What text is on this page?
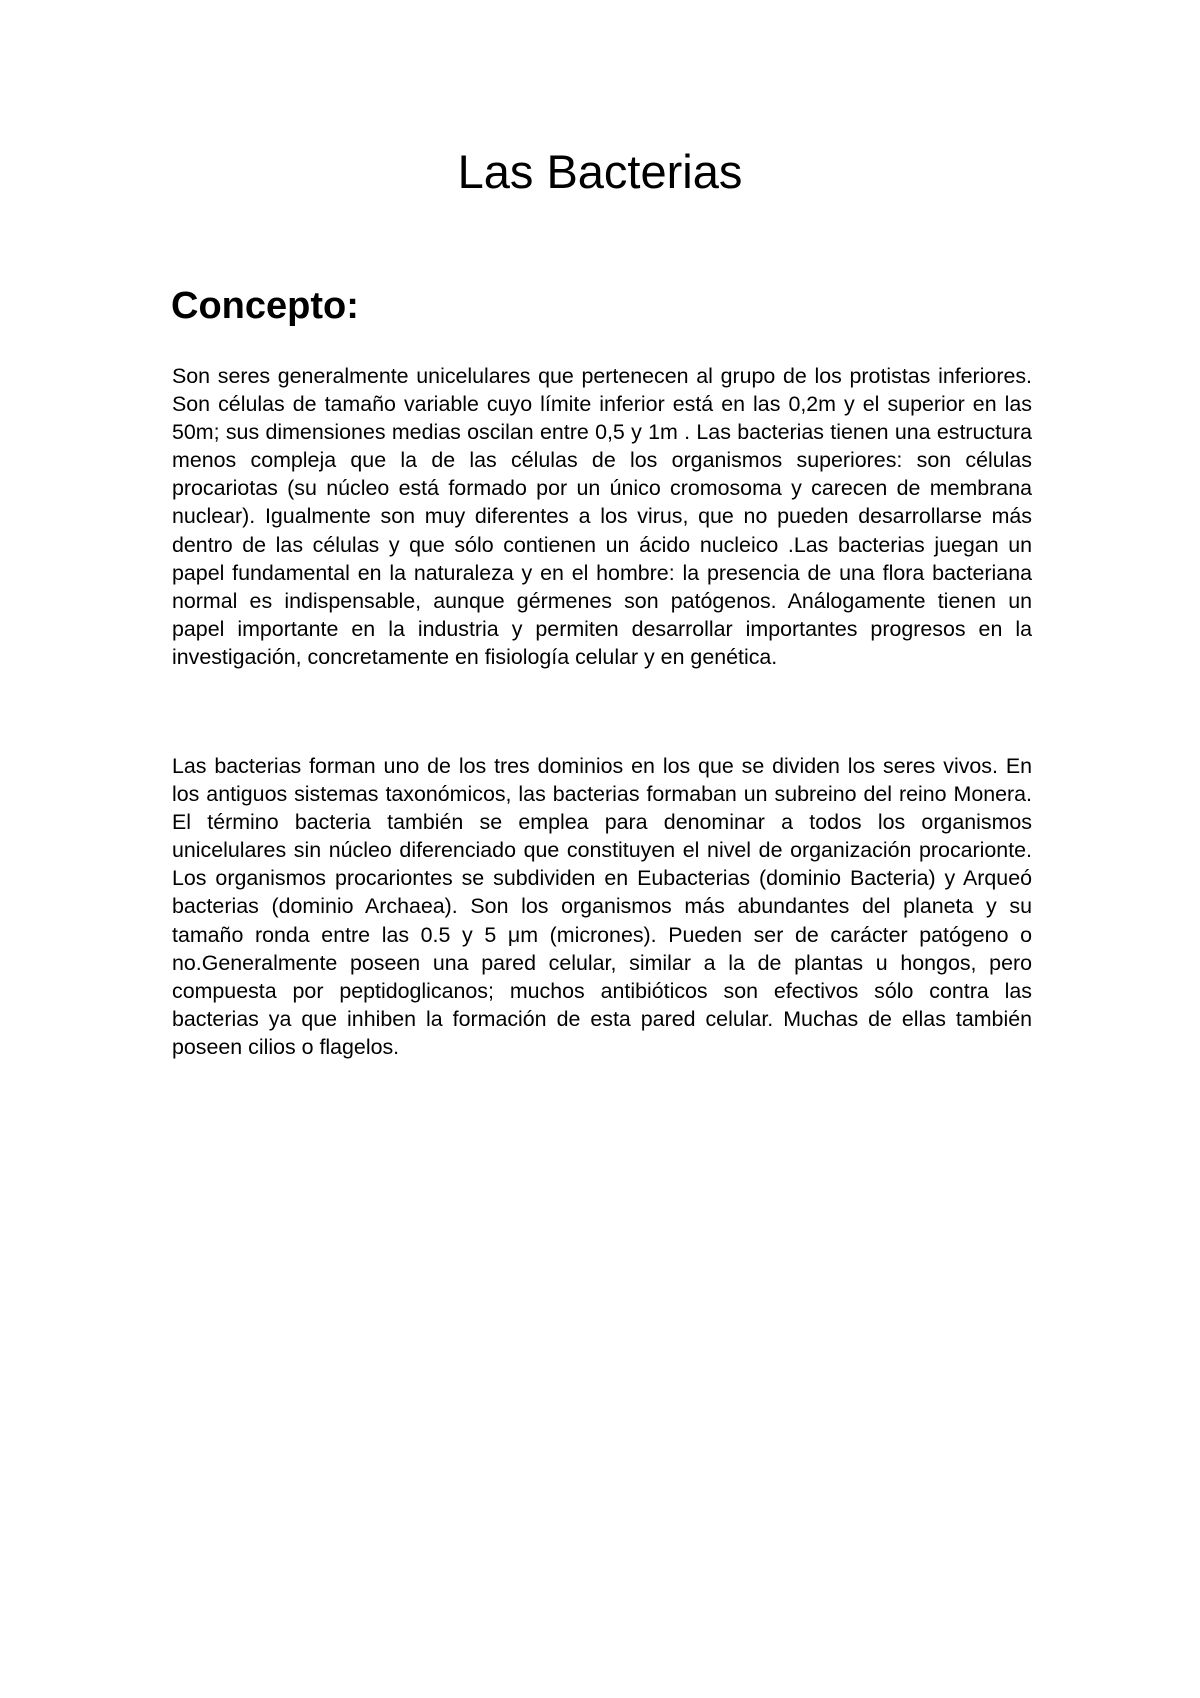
Las Bacterias
Concepto:

Son seres generalmente unicelulares que pertenecen al grupo de los protistas inferiores. Son células de tamaño variable cuyo límite inferior está en las 0,2m y el superior en las 50m; sus dimensiones medias oscilan entre 0,5 y 1m . Las bacterias tienen una estructura menos compleja que la de las células de los organismos superiores: son células procariotas (su núcleo está formado por un único cromosoma y carecen de membrana nuclear). Igualmente son muy diferentes a los virus, que no pueden desarrollarse más dentro de las células y que sólo contienen un ácido nucleico .Las bacterias juegan un papel fundamental en la naturaleza y en el hombre: la presencia de una flora bacteriana normal es indispensable, aunque gérmenes son patógenos. Análogamente tienen un papel importante en la industria y permiten desarrollar importantes progresos en la investigación, concretamente en fisiología celular y en genética.

Las bacterias forman uno de los tres dominios en los que se dividen los seres vivos. En los antiguos sistemas taxonómicos, las bacterias formaban un subreino del reino Monera. El término bacteria también se emplea para denominar a todos los organismos unicelulares sin núcleo diferenciado que constituyen el nivel de organización procarionte. Los organismos procariontes se subdividen en Eubacterias (dominio Bacteria) y Arqueó bacterias (dominio Archaea). Son los organismos más abundantes del planeta y su tamaño ronda entre las 0.5 y 5 μm (micrones). Pueden ser de carácter patógeno o no.Generalmente poseen una pared celular, similar a la de plantas u hongos, pero compuesta por peptidoglicanos; muchos antibióticos son efectivos sólo contra las bacterias ya que inhiben la formación de esta pared celular. Muchas de ellas también poseen cilios o flagelos.
